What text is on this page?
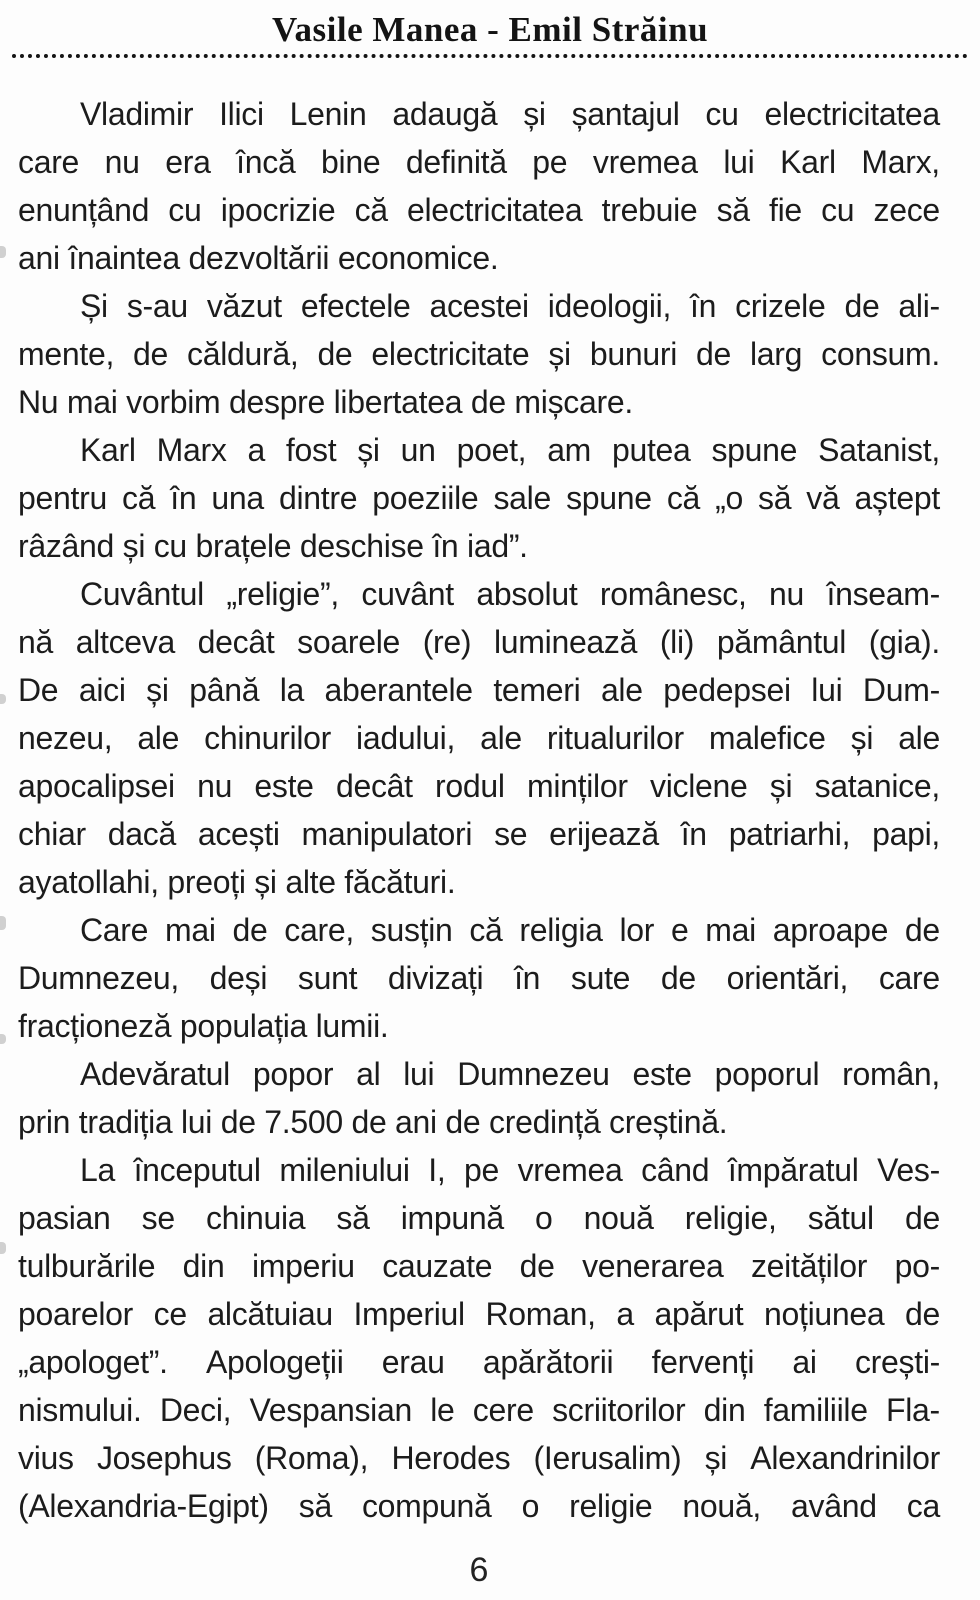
Vasile Manea - Emil Străinu
Vladimir Ilici Lenin adaugă și șantajul cu electricitatea
care nu era încă bine definită pe vremea lui Karl Marx,
enunțând cu ipocrizie că electricitatea trebuie să fie cu zece
ani înaintea dezvoltării economice.
Și s-au văzut efectele acestei ideologii, în crizele de ali-
mente, de căldură, de electricitate și bunuri de larg consum.
Nu mai vorbim despre libertatea de mișcare.
Karl Marx a fost și un poet, am putea spune Satanist,
pentru că în una dintre poeziile sale spune că „o să vă aștept
râzând și cu brațele deschise în iad”.
Cuvântul „religie”, cuvânt absolut românesc, nu înseam-
nă altceva decât soarele (re) luminează (li) pământul (gia).
De aici și până la aberantele temeri ale pedepsei lui Dum-
nezeu, ale chinurilor iadului, ale ritualurilor malefice și ale
apocalipsei nu este decât rodul minților viclene și satanice,
chiar dacă acești manipulatori se erijează în patriarhi, papi,
ayatollahi, preoți și alte făcături.
Care mai de care, susțin că religia lor e mai aproape de
Dumnezeu, deși sunt divizați în sute de orientări, care
fracționeză populația lumii.
Adevăratul popor al lui Dumnezeu este poporul român,
prin tradiția lui de 7.500 de ani de credință creștină.
La începutul mileniului I, pe vremea când împăratul Ves-
pasian se chinuia să impună o nouă religie, sătul de
tulburările din imperiu cauzate de venerarea zeităților po-
poarelor ce alcătuiau Imperiul Roman, a apărut noțiunea de
„apologet”. Apologeții erau apărătorii fervenți ai crești-
nismului. Deci, Vespansian le cere scriitorilor din familiile Fla-
vius Josephus (Roma), Herodes (Ierusalim) și Alexandrinilor
(Alexandria-Egipt) să compună o religie nouă, având ca
6
